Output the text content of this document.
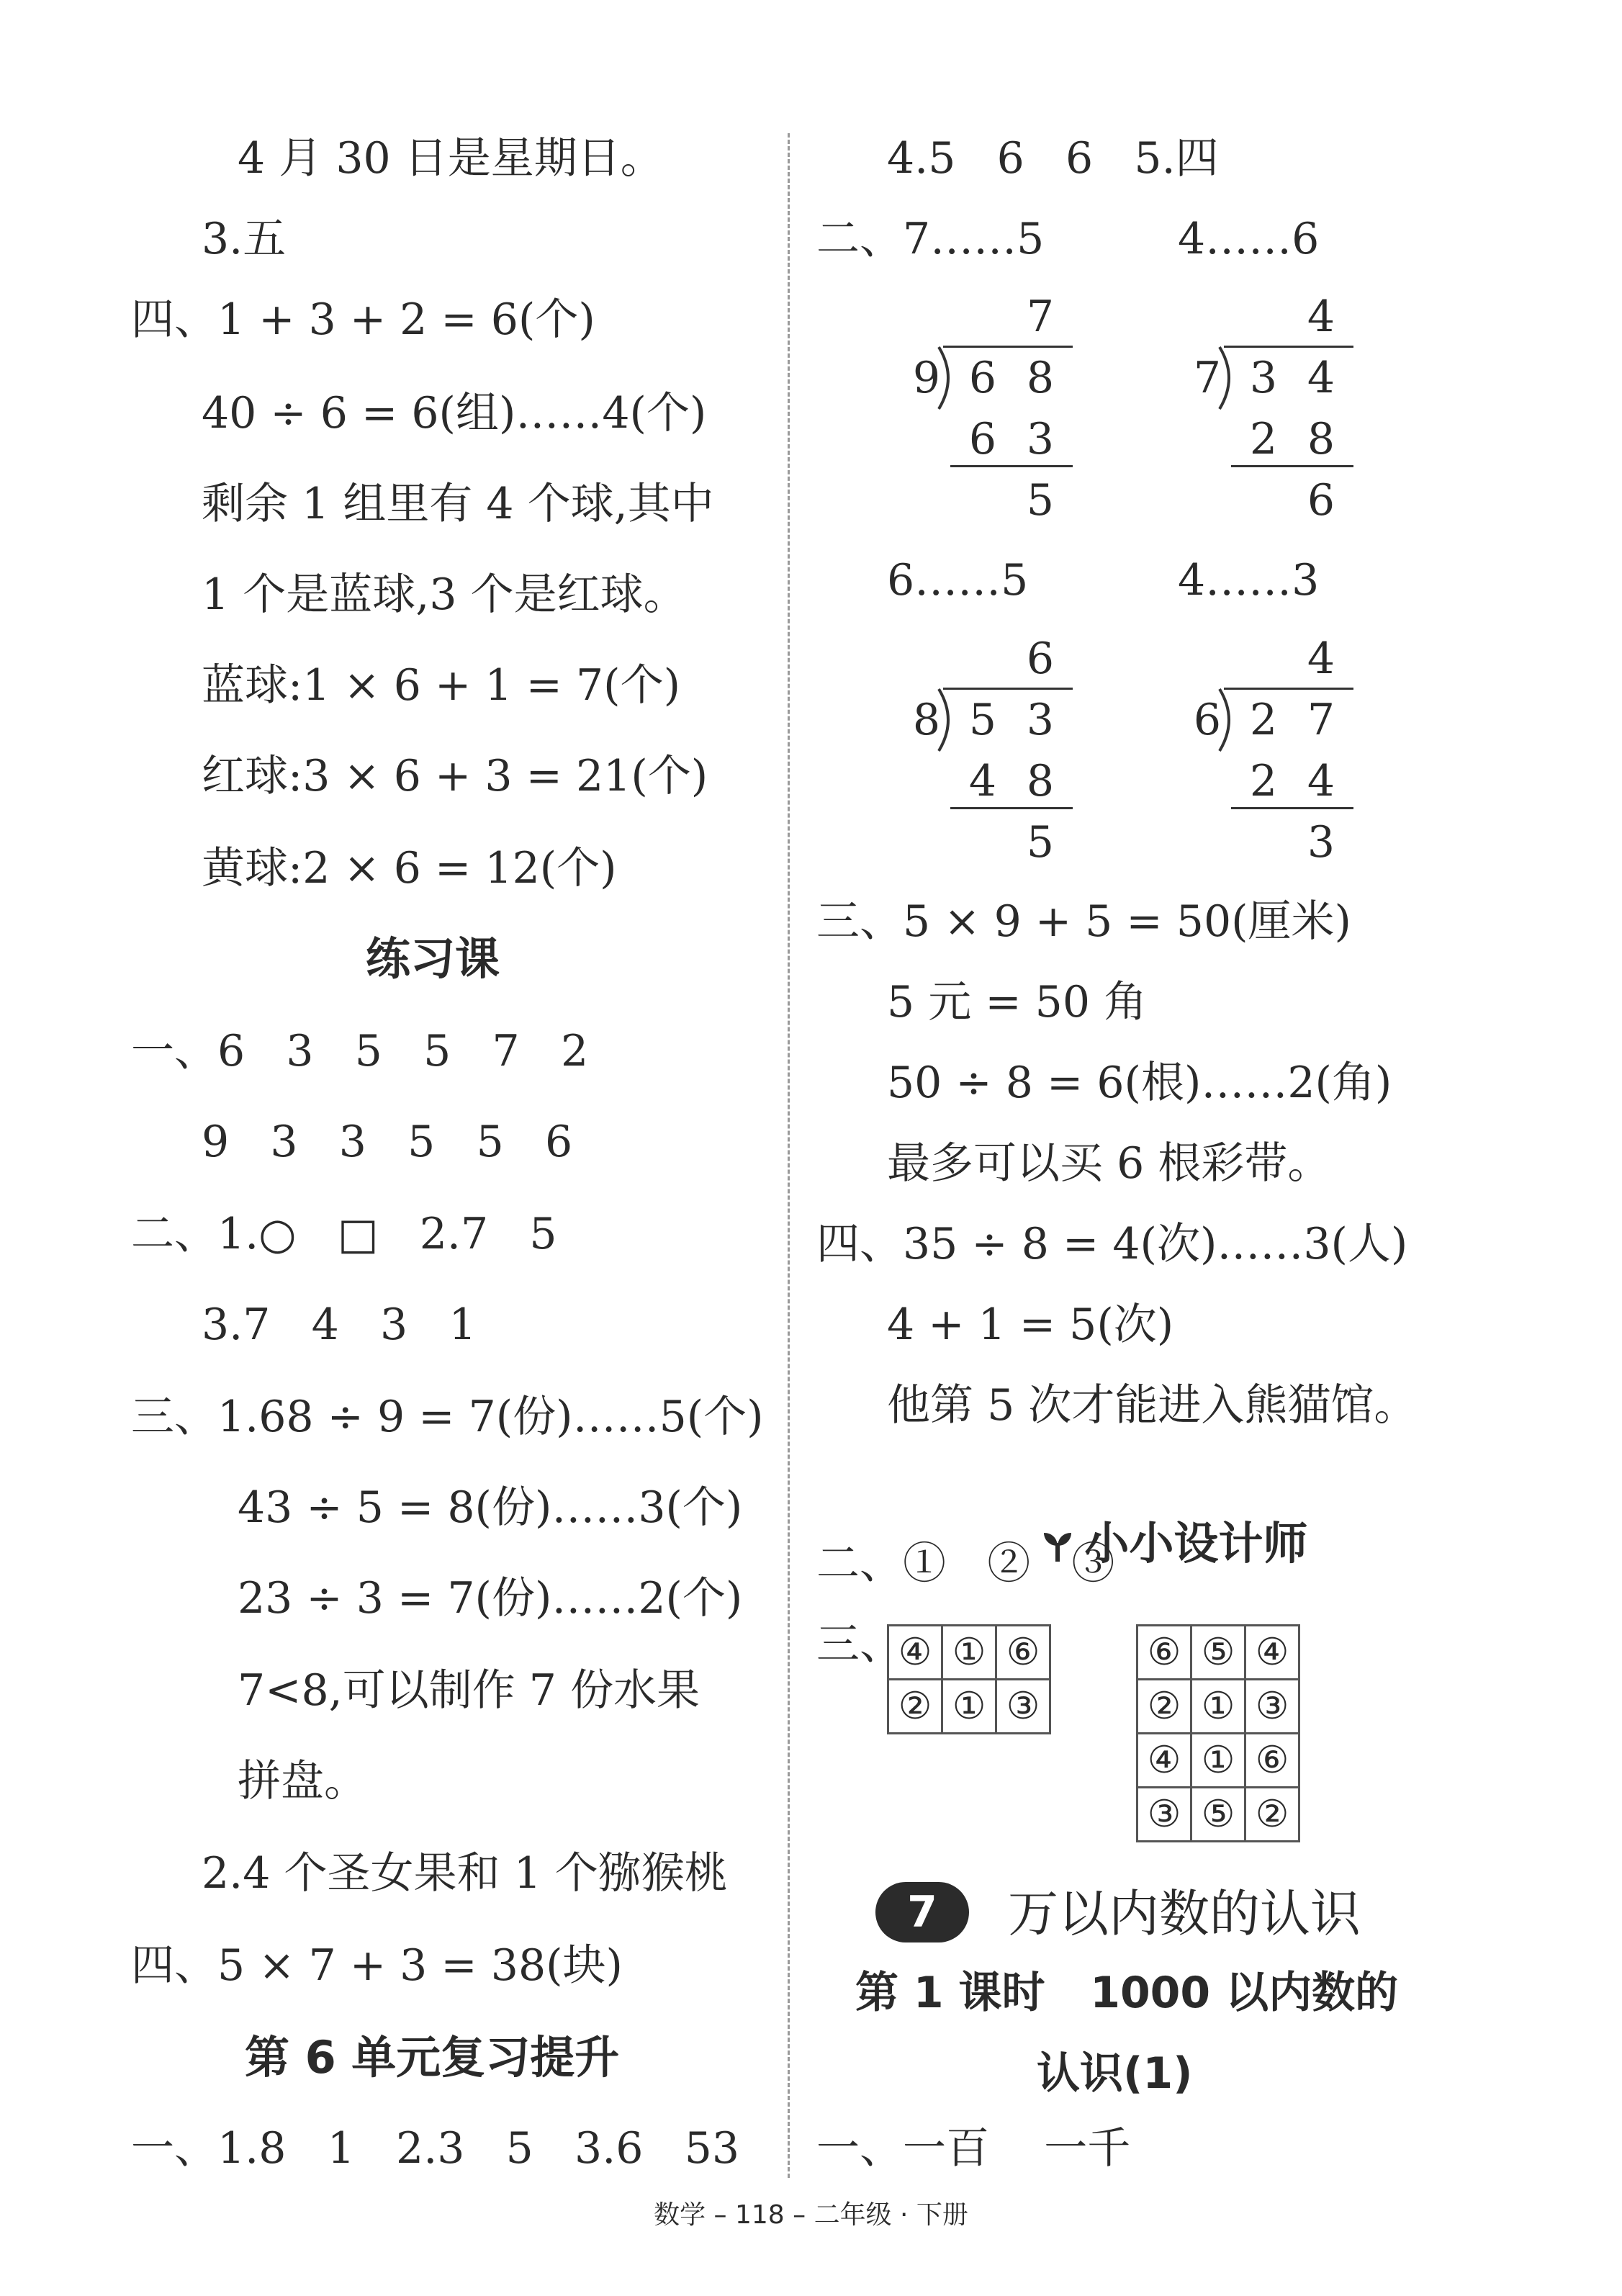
4 月 30 日是星期日。
3.五
四、1 + 3 + 2 = 6(个)
40 ÷ 6 = 6(组)……4(个)
剩余 1 组里有 4 个球,其中
1 个是蓝球,3 个是红球。
蓝球:1 × 6 + 1 = 7(个)
红球:3 × 6 + 3 = 21(个)
黄球:2 × 6 = 12(个)
练习课
一、6   3   5   5   7   2
9   3   3   5   5   6
二、1.○   □   2.7   5
3.7   4   3   1
三、1.68 ÷ 9 = 7(份)……5(个)
43 ÷ 5 = 8(份)……3(个)
23 ÷ 3 = 7(份)……2(个)
7<8,可以制作 7 份水果
拼盘。
2.4 个圣女果和 1 个猕猴桃
四、5 × 7 + 3 = 38(块)
第 6 单元复习提升
一、1.8   1   2.3   5   3.6   53
4.5   6   6   5.四
二、7……5	4……6
7
9 6 8
6 3
5
4
7 3 4
2 8
6
6……5	4……3
6
8 5 3
4 8
5
4
6 2 7
2 4
3
三、5 × 9 + 5 = 50(厘米)
5 元 = 50 角
50 ÷ 8 = 6(根)……2(角)
最多可以买 6 根彩带。
四、35 ÷ 8 = 4(次)……3(人)
4 + 1 = 5(次)
他第 5 次才能进入熊猫馆。

小小设计师

二、①   ②   ③
三、
④	①	⑥
②	①	③
⑥	⑤	④
②	①	③
④	①	⑥
③	⑤	②
7	万以内数的认识
第 1 课时   1000 以内数的
认识(1)
一、一百    一千
数学 – 118 – 二年级 · 下册
